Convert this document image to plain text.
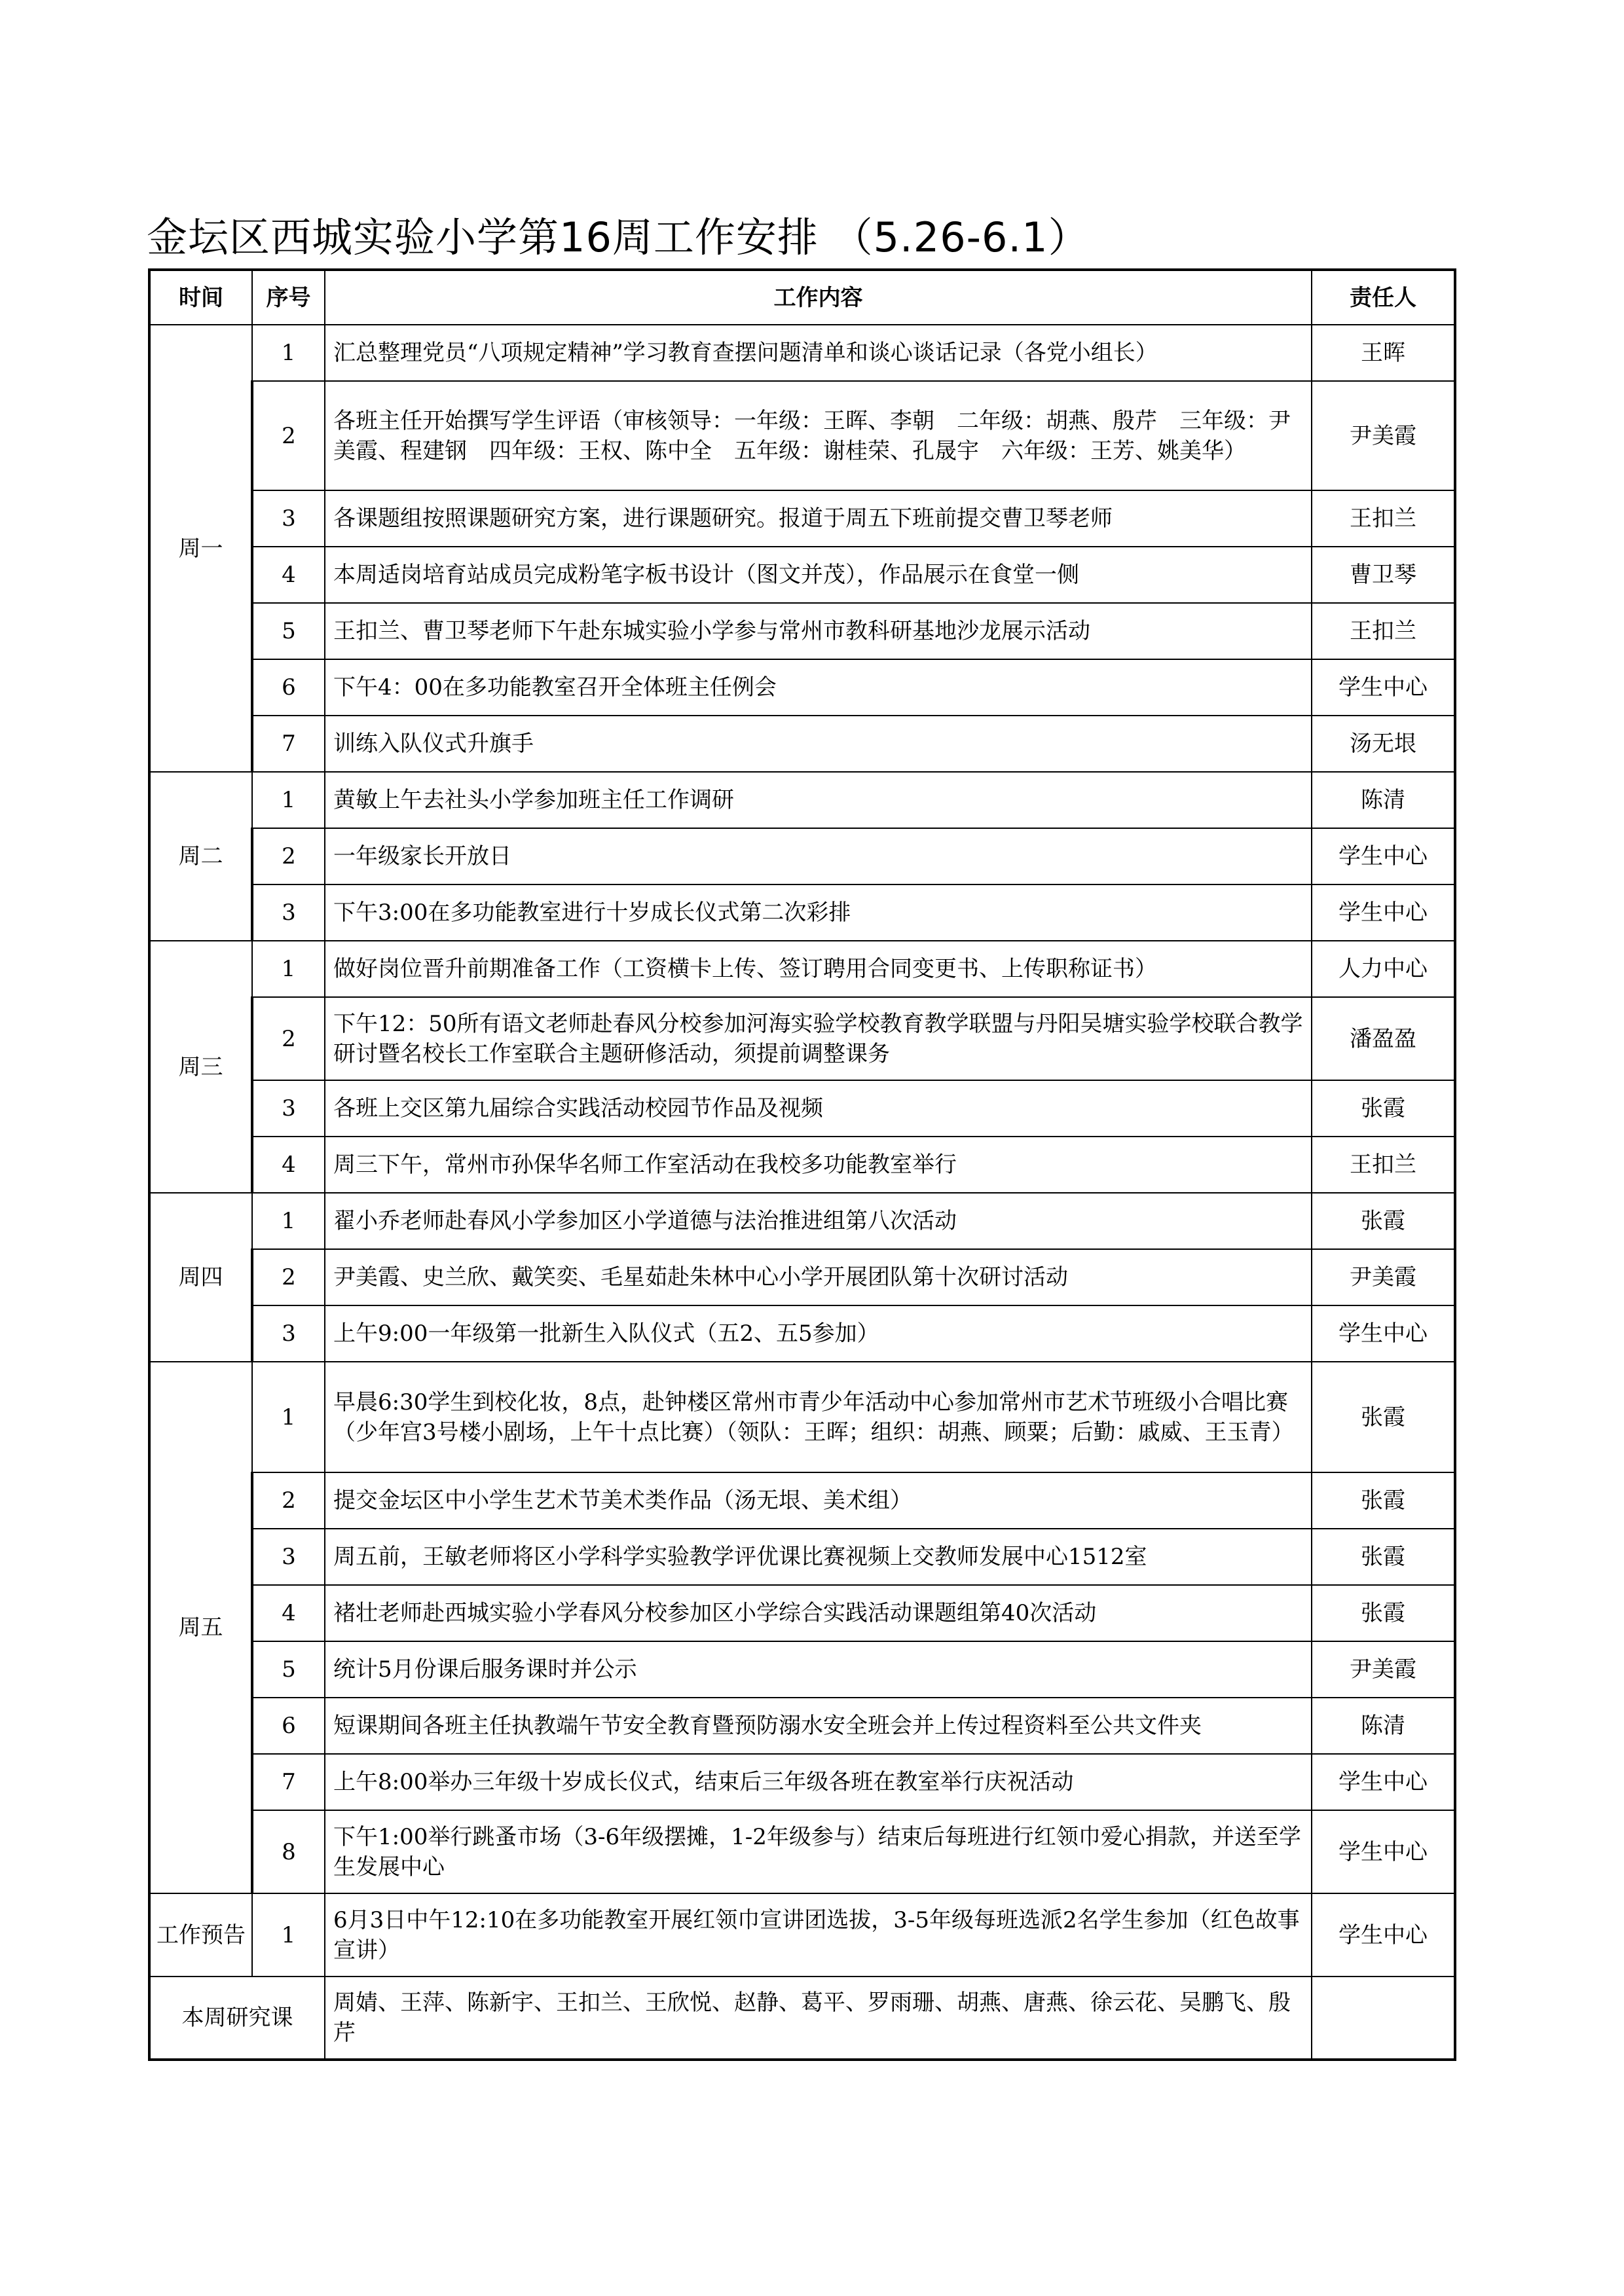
金坛区西城实验小学第16周工作安排 （5.26-6.1）
时间	序号	工作内容	责任人
周一	1	汇总整理党员“八项规定精神”学习教育查摆问题清单和谈心谈话记录（各党小组长）	王晖
	2	各班主任开始撰写学生评语（审核领导：一年级：王晖、李朝　二年级：胡燕、殷芹　三年级：尹美霞、程建钢　四年级：王权、陈中全　五年级：谢桂荣、孔晟宇　六年级：王芳、姚美华）	尹美霞
	3	各课题组按照课题研究方案，进行课题研究。报道于周五下班前提交曹卫琴老师	王扣兰
	4	本周适岗培育站成员完成粉笔字板书设计（图文并茂），作品展示在食堂一侧	曹卫琴
	5	王扣兰、曹卫琴老师下午赴东城实验小学参与常州市教科研基地沙龙展示活动	王扣兰
	6	下午4：00在多功能教室召开全体班主任例会	学生中心
	7	训练入队仪式升旗手	汤无垠
周二	1	黄敏上午去社头小学参加班主任工作调研	陈清
	2	一年级家长开放日	学生中心
	3	下午3:00在多功能教室进行十岁成长仪式第二次彩排	学生中心
周三	1	做好岗位晋升前期准备工作（工资横卡上传、签订聘用合同变更书、上传职称证书）	人力中心
	2	下午12：50所有语文老师赴春风分校参加河海实验学校教育教学联盟与丹阳吴塘实验学校联合教学研讨暨名校长工作室联合主题研修活动，须提前调整课务	潘盈盈
	3	各班上交区第九届综合实践活动校园节作品及视频	张霞
	4	周三下午，常州市孙保华名师工作室活动在我校多功能教室举行	王扣兰
周四	1	翟小乔老师赴春风小学参加区小学道德与法治推进组第八次活动	张霞
	2	尹美霞、史兰欣、戴笑奕、毛星茹赴朱林中心小学开展团队第十次研讨活动	尹美霞
	3	上午9:00一年级第一批新生入队仪式（五2、五5参加）	学生中心
周五	1	早晨6:30学生到校化妆，8点，赴钟楼区常州市青少年活动中心参加常州市艺术节班级小合唱比赛（少年宫3号楼小剧场，上午十点比赛）（领队：王晖；组织：胡燕、顾粟；后勤：戚威、王玉青）	张霞
	2	提交金坛区中小学生艺术节美术类作品（汤无垠、美术组）	张霞
	3	周五前，王敏老师将区小学科学实验教学评优课比赛视频上交教师发展中心1512室	张霞
	4	褚壮老师赴西城实验小学春风分校参加区小学综合实践活动课题组第40次活动	张霞
	5	统计5月份课后服务课时并公示	尹美霞
	6	短课期间各班主任执教端午节安全教育暨预防溺水安全班会并上传过程资料至公共文件夹	陈清
	7	上午8:00举办三年级十岁成长仪式，结束后三年级各班在教室举行庆祝活动	学生中心
	8	下午1:00举行跳蚤市场（3-6年级摆摊，1-2年级参与）结束后每班进行红领巾爱心捐款，并送至学生发展中心	学生中心
工作预告	1	6月3日中午12:10在多功能教室开展红领巾宣讲团选拔，3-5年级每班选派2名学生参加（红色故事宣讲）	学生中心
本周研究课		周婧、王萍、陈新宇、王扣兰、王欣悦、赵静、葛平、罗雨珊、胡燕、唐燕、徐云花、吴鹏飞、殷芹	
